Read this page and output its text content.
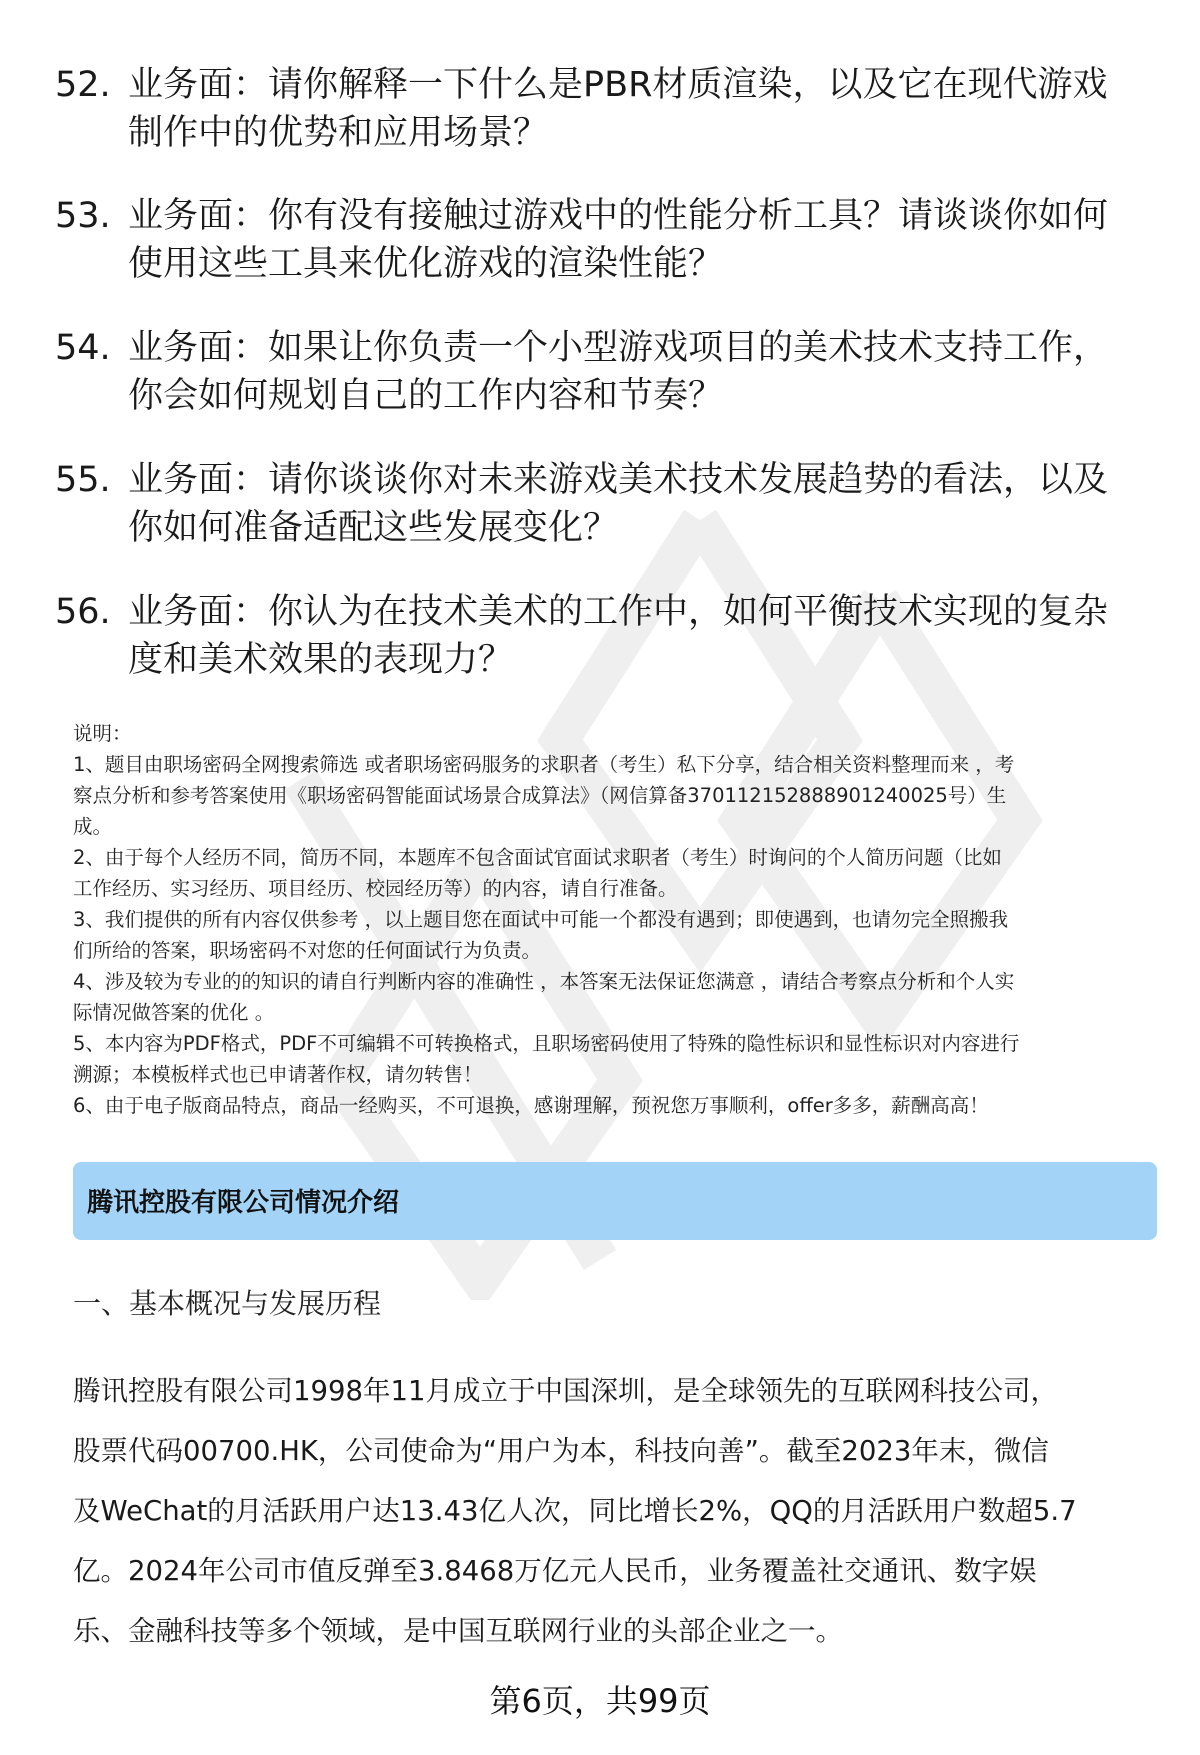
52. 业务面：请你解释一下什么是PBR材质渲染，以及它在现代游戏
制作中的优势和应用场景？
53. 业务面：你有没有接触过游戏中的性能分析工具？请谈谈你如何
使用这些工具来优化游戏的渲染性能？
54. 业务面：如果让你负责一个小型游戏项目的美术技术支持工作，
你会如何规划自己的工作内容和节奏？
55. 业务面：请你谈谈你对未来游戏美术技术发展趋势的看法，以及
你如何准备适配这些发展变化？
56. 业务面：你认为在技术美术的工作中，如何平衡技术实现的复杂
度和美术效果的表现力？
说明：
1、题目由职场密码全网搜索筛选 或者职场密码服务的求职者（考生）私下分享，结合相关资料整理而来 ，考
察点分析和参考答案使用《职场密码智能面试场景合成算法》（网信算备370112152888901240025号）生
成。
2、由于每个人经历不同，简历不同，本题库不包含面试官面试求职者（考生）时询问的个人简历问题（比如
工作经历、实习经历、项目经历、校园经历等）的内容，请自行准备。
3、我们提供的所有内容仅供参考 ，以上题目您在面试中可能一个都没有遇到；即使遇到，也请勿完全照搬我
们所给的答案，职场密码不对您的任何面试行为负责。
4、涉及较为专业的的知识的请自行判断内容的准确性 ，本答案无法保证您满意 ，请结合考察点分析和个人实
际情况做答案的优化 。
5、本内容为PDF格式，PDF不可编辑不可转换格式，且职场密码使用了特殊的隐性标识和显性标识对内容进行
溯源；本模板样式也已申请著作权，请勿转售！
6、由于电子版商品特点，商品一经购买，不可退换，感谢理解，预祝您万事顺利，offer多多，薪酬高高！
腾讯控股有限公司情况介绍
一、基本概况与发展历程
腾讯控股有限公司1998年11月成立于中国深圳，是全球领先的互联网科技公司，
股票代码00700.HK，公司使命为“用户为本，科技向善”。截至2023年末，微信
及WeChat的月活跃用户达13.43亿人次，同比增长2%，QQ的月活跃用户数超5.7
亿。2024年公司市值反弹至3.8468万亿元人民币，业务覆盖社交通讯、数字娱
乐、金融科技等多个领域，是中国互联网行业的头部企业之一。
第6页，共99页
